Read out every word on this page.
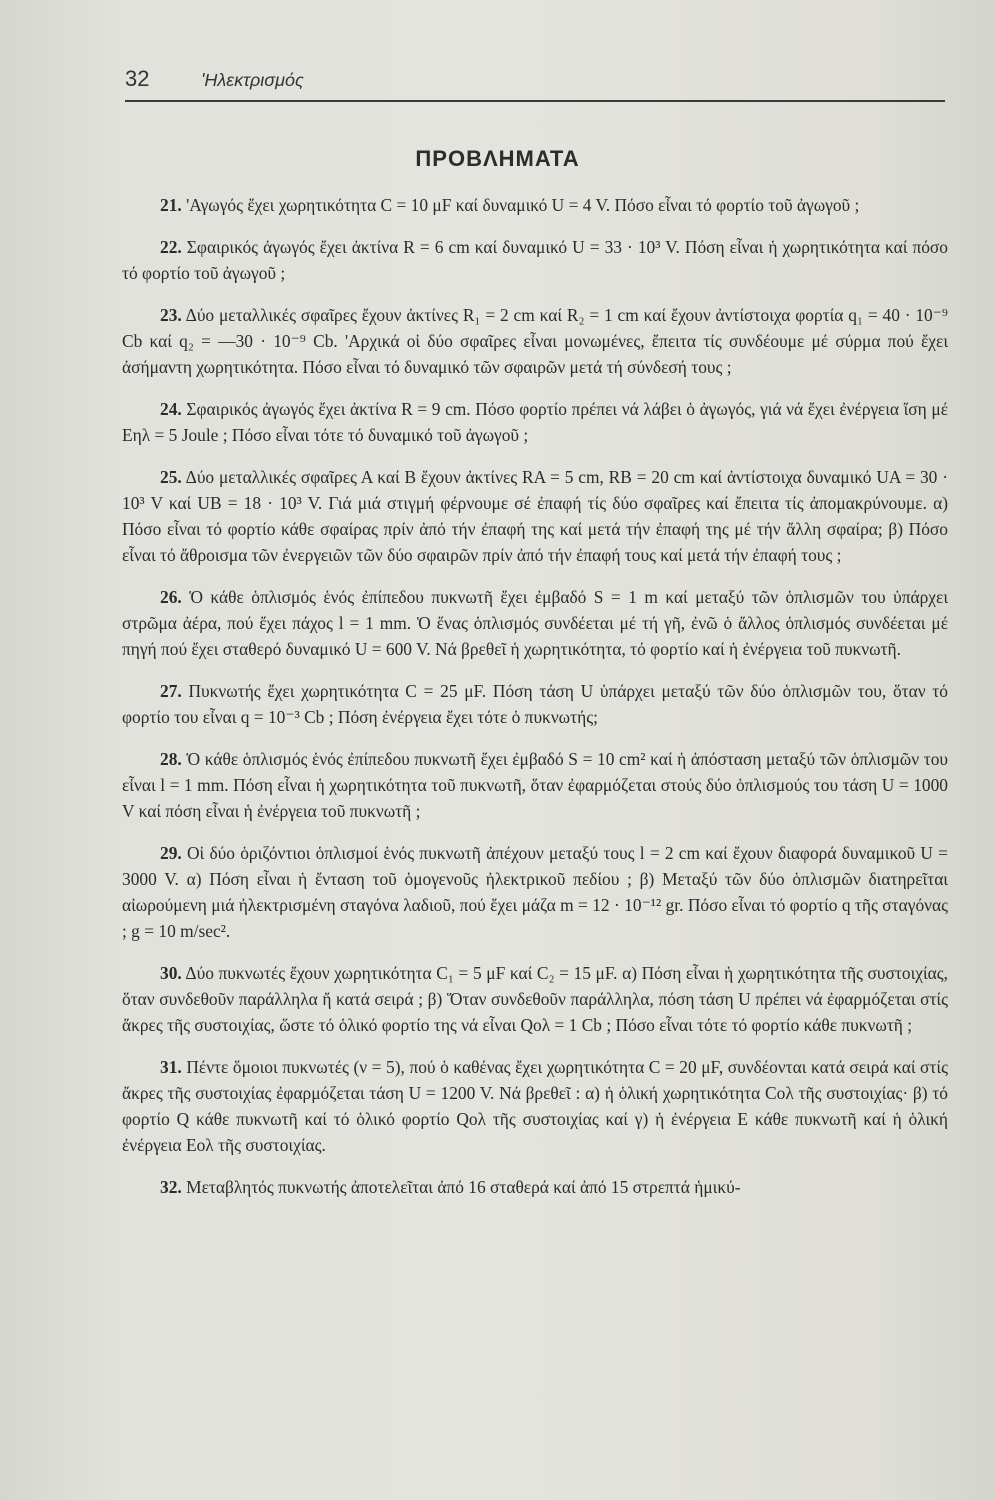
32	'Ηλεκτρισμός
ΠΡΟΒΛΗΜΑΤΑ

21. 'Αγωγός ἔχει χωρητικότητα C = 10 μF καί δυναμικό U = 4 V. Πόσο εἶναι τό φορτίο τοῦ ἀγωγοῦ ;

22. Σφαιρικός ἀγωγός ἔχει ἀκτίνα R = 6 cm καί δυναμικό U = 33 · 10³ V. Πόση εἶναι ἡ χωρητικότητα καί πόσο τό φορτίο τοῦ ἀγωγοῦ ;

23. Δύο μεταλλικές σφαῖρες ἔχουν ἀκτίνες R₁ = 2 cm καί R₂ = 1 cm καί ἔχουν ἀντίστοιχα φορτία q₁ = 40 · 10⁻⁹ Cb καί q₂ = —30 · 10⁻⁹ Cb. 'Αρχικά οἱ δύο σφαῖρες εἶναι μονωμένες, ἔπειτα τίς συνδέουμε μέ σύρμα πού ἔχει ἀσήμαντη χωρητικότητα. Πόσο εἶναι τό δυναμικό τῶν σφαιρῶν μετά τή σύνδεσή τους ;

24. Σφαιρικός ἀγωγός ἔχει ἀκτίνα R = 9 cm. Πόσο φορτίο πρέπει νά λάβει ὁ ἀγωγός, γιά νά ἔχει ἐνέργεια ἴση μέ Eηλ = 5 Joule ; Πόσο εἶναι τότε τό δυναμικό τοῦ ἀγωγοῦ ;

25. Δύο μεταλλικές σφαῖρες Α καί Β ἔχουν ἀκτίνες RA = 5 cm, RB = 20 cm καί ἀντίστοιχα δυναμικό UA = 30 · 10³ V καί UB = 18 · 10³ V. Γιά μιά στιγμή φέρνουμε σέ ἐπαφή τίς δύο σφαῖρες καί ἔπειτα τίς ἀπομακρύνουμε. α) Πόσο εἶναι τό φορτίο κάθε σφαίρας πρίν ἀπό τήν ἐπαφή της καί μετά τήν ἐπαφή της μέ τήν ἄλλη σφαίρα; β) Πόσο εἶναι τό ἄθροισμα τῶν ἐνεργειῶν τῶν δύο σφαιρῶν πρίν ἀπό τήν ἐπαφή τους καί μετά τήν ἐπαφή τους ;

26. Ὁ κάθε ὁπλισμός ἑνός ἐπίπεδου πυκνωτῆ ἔχει ἐμβαδό S = 1 m καί μεταξύ τῶν ὁπλισμῶν του ὑπάρχει στρῶμα ἀέρα, πού ἔχει πάχος l = 1 mm. Ὁ ἕνας ὁπλισμός συνδέεται μέ τή γῆ, ἐνῶ ὁ ἄλλος ὁπλισμός συνδέεται μέ πηγή πού ἔχει σταθερό δυναμικό U = 600 V. Νά βρεθεῖ ἡ χωρητικότητα, τό φορτίο καί ἡ ἐνέργεια τοῦ πυκνωτῆ.

27. Πυκνωτής ἔχει χωρητικότητα C = 25 μF. Πόση τάση U ὑπάρχει μεταξύ τῶν δύο ὁπλισμῶν του, ὅταν τό φορτίο του εἶναι q = 10⁻³ Cb ; Πόση ἐνέργεια ἔχει τότε ὁ πυκνωτής;

28. Ὁ κάθε ὁπλισμός ἑνός ἐπίπεδου πυκνωτῆ ἔχει ἐμβαδό S = 10 cm² καί ἡ ἀπόσταση μεταξύ τῶν ὁπλισμῶν του εἶναι l = 1 mm. Πόση εἶναι ἡ χωρητικότητα τοῦ πυκνωτῆ, ὅταν ἐφαρμόζεται στούς δύο ὁπλισμούς του τάση U = 1000 V καί πόση εἶναι ἡ ἐνέργεια τοῦ πυκνωτῆ ;

29. Οἱ δύο ὁριζόντιοι ὁπλισμοί ἑνός πυκνωτῆ ἀπέχουν μεταξύ τους l = 2 cm καί ἔχουν διαφορά δυναμικοῦ U = 3000 V. α) Πόση εἶναι ἡ ἔνταση τοῦ ὁμογενοῦς ἠλεκτρικοῦ πεδίου ; β) Μεταξύ τῶν δύο ὁπλισμῶν διατηρεῖται αἰωρούμενη μιά ἠλεκτρισμένη σταγόνα λαδιοῦ, πού ἔχει μάζα m = 12 · 10⁻¹² gr. Πόσο εἶναι τό φορτίο q τῆς σταγόνας ; g = 10 m/sec².

30. Δύο πυκνωτές ἔχουν χωρητικότητα C₁ = 5 μF καί C₂ = 15 μF. α) Πόση εἶναι ἡ χωρητικότητα τῆς συστοιχίας, ὅταν συνδεθοῦν παράλληλα ἤ κατά σειρά ; β) Ὅταν συνδεθοῦν παράλληλα, πόση τάση U πρέπει νά ἐφαρμόζεται στίς ἄκρες τῆς συστοιχίας, ὥστε τό ὁλικό φορτίο της νά εἶναι Qολ = 1 Cb ; Πόσο εἶναι τότε τό φορτίο κάθε πυκνωτῆ ;

31. Πέντε ὅμοιοι πυκνωτές (ν = 5), πού ὁ καθένας ἔχει χωρητικότητα C = 20 μF, συνδέονται κατά σειρά καί στίς ἄκρες τῆς συστοιχίας ἐφαρμόζεται τάση U = 1200 V. Νά βρεθεῖ : α) ἡ ὁλική χωρητικότητα Cολ τῆς συστοιχίας· β) τό φορτίο Q κάθε πυκνωτῆ καί τό ὁλικό φορτίο Qολ τῆς συστοιχίας καί γ) ἡ ἐνέργεια Ε κάθε πυκνωτῆ καί ἡ ὁλική ἐνέργεια Eολ τῆς συστοιχίας.

32. Μεταβλητός πυκνωτής ἀποτελεῖται ἀπό 16 σταθερά καί ἀπό 15 στρεπτά ἡμικύ-
